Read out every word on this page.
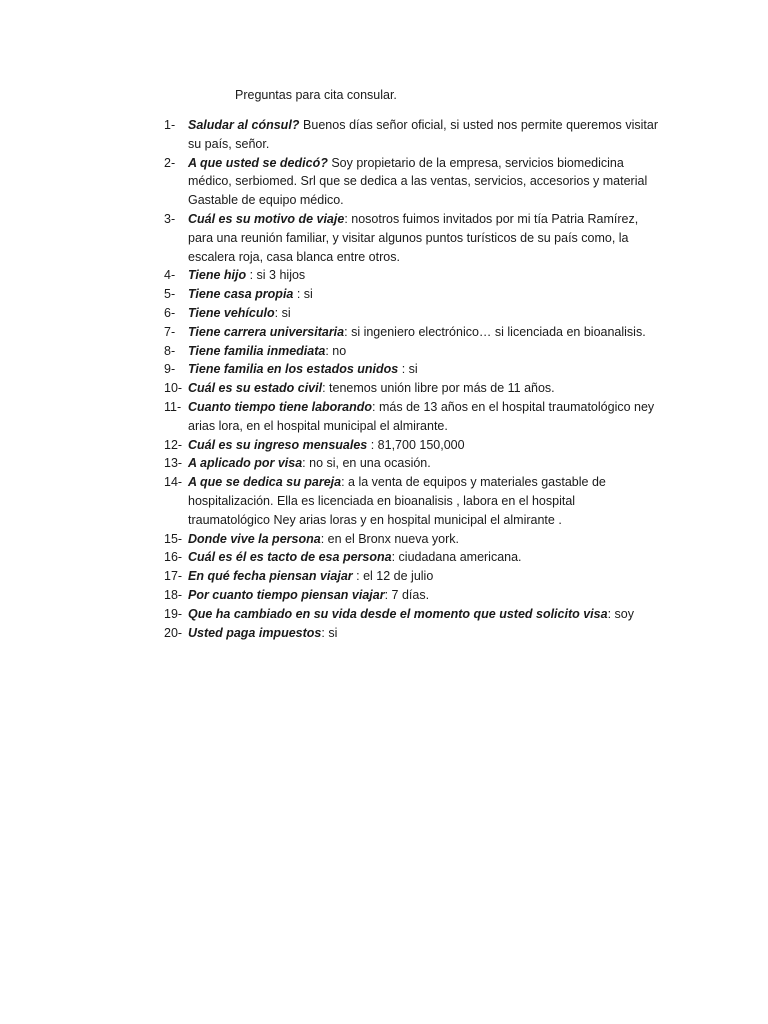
Preguntas para cita consular.
1-	Saludar al cónsul? Buenos días señor oficial, si usted nos permite queremos visitar su país, señor.
2-	A que usted se dedicó? Soy propietario de la empresa, servicios biomedicina médico, serbiomed. Srl que se dedica a las ventas, servicios, accesorios y material Gastable de equipo médico.
3-	Cuál es su motivo de viaje: nosotros fuimos invitados por mi tía Patria Ramírez, para una reunión familiar, y visitar algunos puntos turísticos de su país como, la escalera roja, casa blanca entre otros.
4-	Tiene hijo : si 3 hijos
5-	Tiene casa propia : si
6-	Tiene vehículo: si
7-	Tiene carrera universitaria: si ingeniero electrónico… si licenciada en bioanalisis.
8-	Tiene familia inmediata: no
9-	Tiene familia en los estados unidos : si
10- Cuál es su estado civil: tenemos unión libre por más de 11 años.
11- Cuanto tiempo tiene laborando: más de 13 años en el hospital traumatológico ney arias lora, en el hospital municipal el almirante.
12- Cuál es su ingreso mensuales : 81,700 150,000
13- A aplicado por visa: no si, en una ocasión.
14- A que se dedica su pareja: a la venta de equipos y materiales gastable de hospitalización. Ella es licenciada en bioanalisis , labora en el hospital traumatológico Ney arias loras y en hospital municipal el almirante .
15- Donde vive la persona: en el Bronx nueva york.
16- Cuál es él es tacto de esa persona: ciudadana americana.
17- En qué fecha piensan viajar : el 12 de julio
18- Por cuanto tiempo piensan viajar: 7 días.
19- Que ha cambiado en su vida desde el momento que usted solicito visa: soy
20- Usted paga impuestos: si
